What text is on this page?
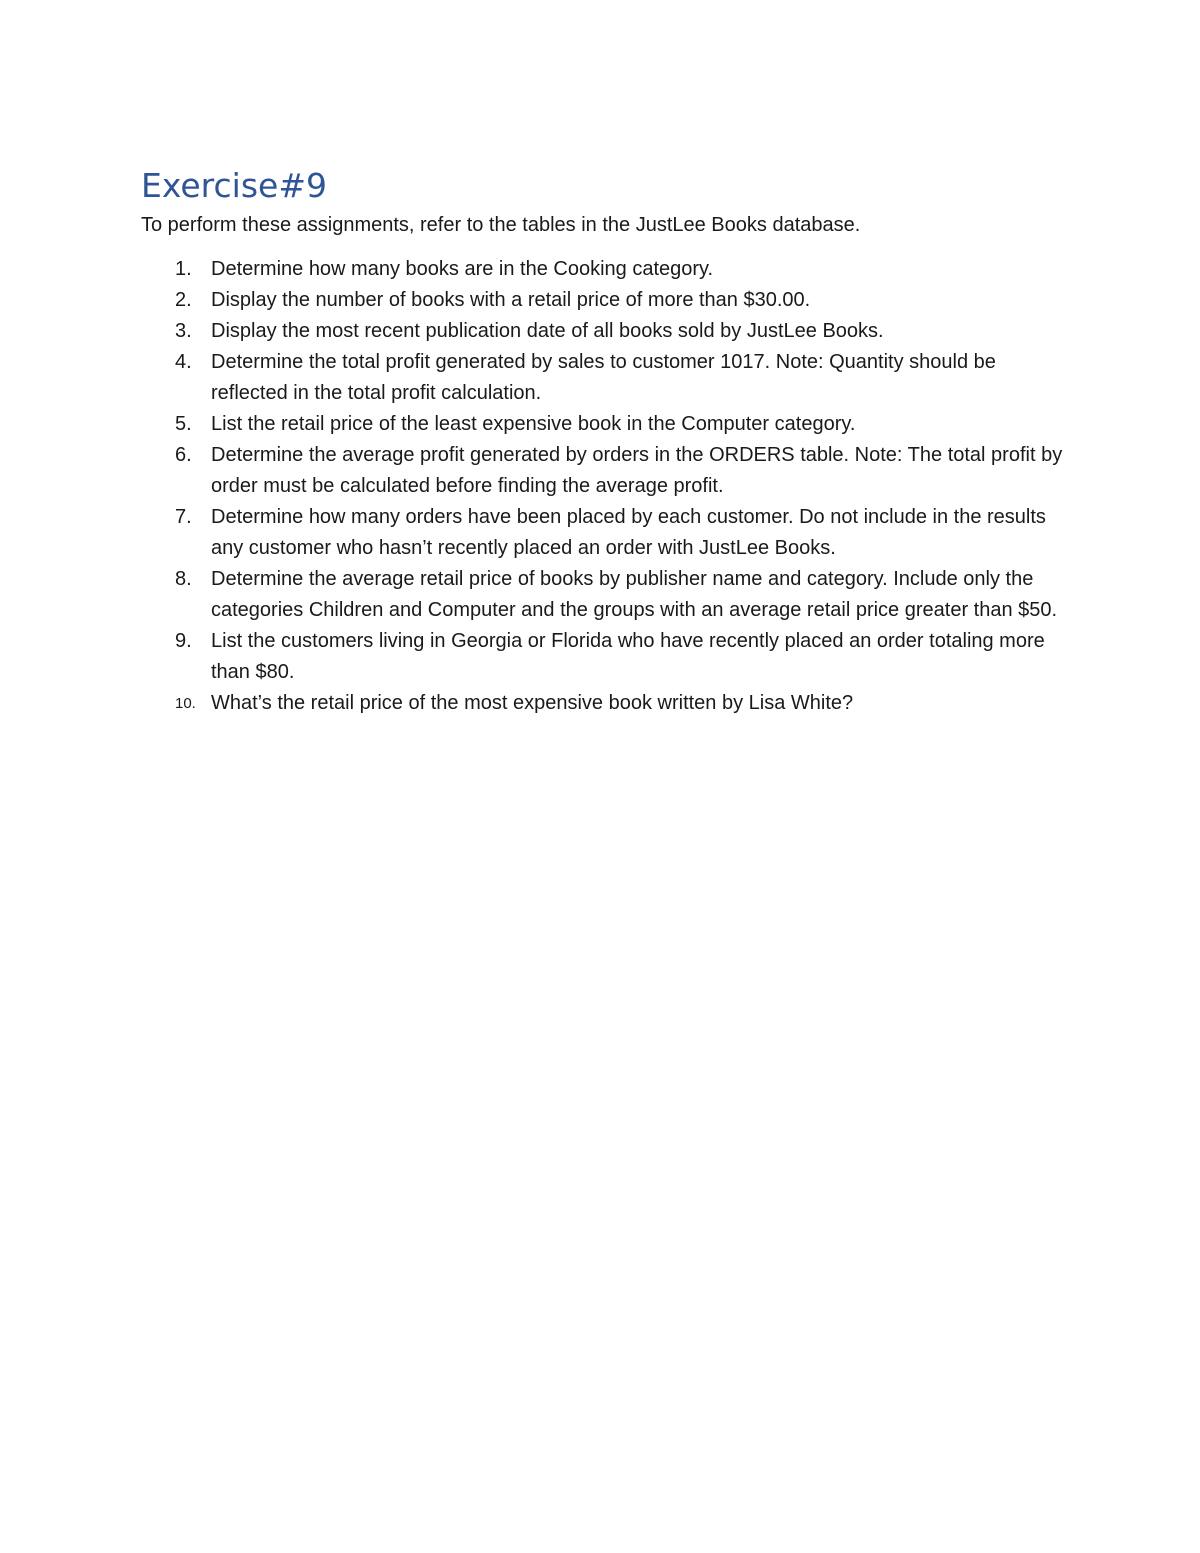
Exercise#9

To perform these assignments, refer to the tables in the JustLee Books database.

1. Determine how many books are in the Cooking category.
2. Display the number of books with a retail price of more than $30.00.
3. Display the most recent publication date of all books sold by JustLee Books.
4. Determine the total profit generated by sales to customer 1017. Note: Quantity should be reflected in the total profit calculation.
5. List the retail price of the least expensive book in the Computer category.
6. Determine the average profit generated by orders in the ORDERS table. Note: The total profit by order must be calculated before finding the average profit.
7. Determine how many orders have been placed by each customer. Do not include in the results any customer who hasn’t recently placed an order with JustLee Books.
8. Determine the average retail price of books by publisher name and category. Include only the categories Children and Computer and the groups with an average retail price greater than $50.
9. List the customers living in Georgia or Florida who have recently placed an order totaling more than $80.
10. What’s the retail price of the most expensive book written by Lisa White?
